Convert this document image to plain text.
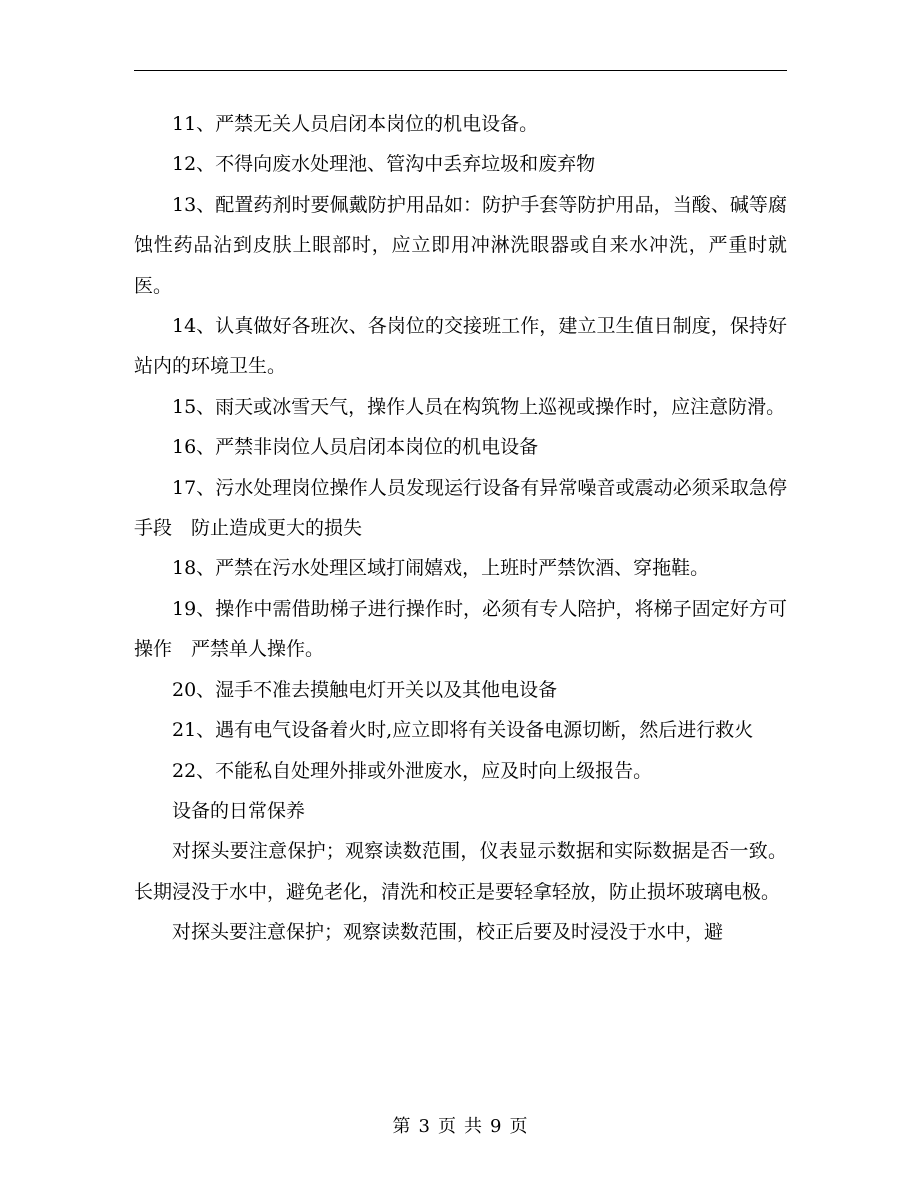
11、严禁无关人员启闭本岗位的机电设备。

12、不得向废水处理池、管沟中丢弃垃圾和废弃物

13、配置药剂时要佩戴防护用品如：防护手套等防护用品，当酸、碱等腐蚀性药品沾到皮肤上眼部时，应立即用冲淋洗眼器或自来水冲洗，严重时就医。

14、认真做好各班次、各岗位的交接班工作，建立卫生值日制度，保持好站内的环境卫生。

15、雨天或冰雪天气，操作人员在构筑物上巡视或操作时，应注意防滑。

16、严禁非岗位人员启闭本岗位的机电设备

17、污水处理岗位操作人员发现运行设备有异常噪音或震动必须采取急停手段　防止造成更大的损失

18、严禁在污水处理区域打闹嬉戏，上班时严禁饮酒、穿拖鞋。

19、操作中需借助梯子进行操作时，必须有专人陪护，将梯子固定好方可操作　严禁单人操作。

20、湿手不准去摸触电灯开关以及其他电设备

21、遇有电气设备着火时,应立即将有关设备电源切断，然后进行救火

22、不能私自处理外排或外泄废水，应及时向上级报告。

设备的日常保养

对探头要注意保护；观察读数范围，仪表显示数据和实际数据是否一致。长期浸没于水中，避免老化，清洗和校正是要轻拿轻放，防止损坏玻璃电极。

对探头要注意保护；观察读数范围，校正后要及时浸没于水中，避

第 3 页 共 9 页
